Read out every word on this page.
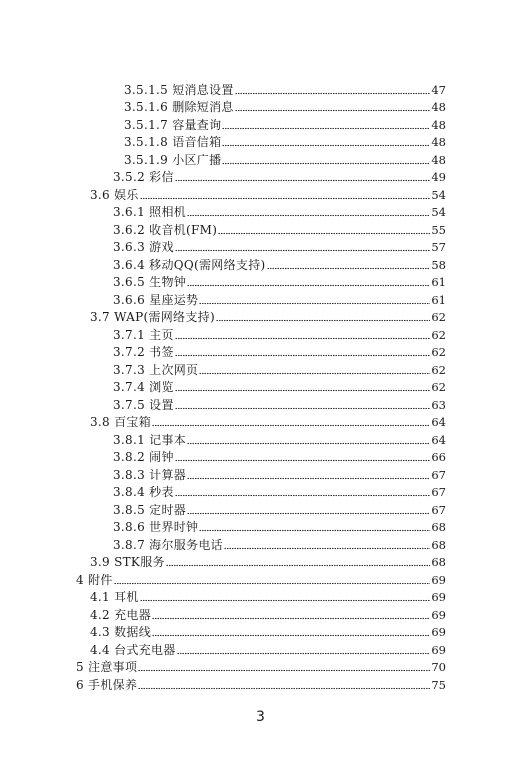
3.5.1.5 短消息设置	47
3.5.1.6 删除短消息	48
3.5.1.7 容量查询	48
3.5.1.8 语音信箱	48
3.5.1.9 小区广播	48
3.5.2 彩信	49
3.6 娱乐	54
3.6.1 照相机	54
3.6.2 收音机(FM)	55
3.6.3 游戏	57
3.6.4 移动QQ(需网络支持)	58
3.6.5 生物钟	61
3.6.6 星座运势	61
3.7 WAP(需网络支持)	62
3.7.1 主页	62
3.7.2 书签	62
3.7.3 上次网页	62
3.7.4 浏览	62
3.7.5 设置	63
3.8 百宝箱	64
3.8.1 记事本	64
3.8.2 闹钟	66
3.8.3 计算器	67
3.8.4 秒表	67
3.8.5 定时器	67
3.8.6 世界时钟	68
3.8.7 海尔服务电话	68
3.9 STK服务	68
4 附件	69
4.1 耳机	69
4.2 充电器	69
4.3 数据线	69
4.4 台式充电器	69
5 注意事项	70
6 手机保养	75
3
